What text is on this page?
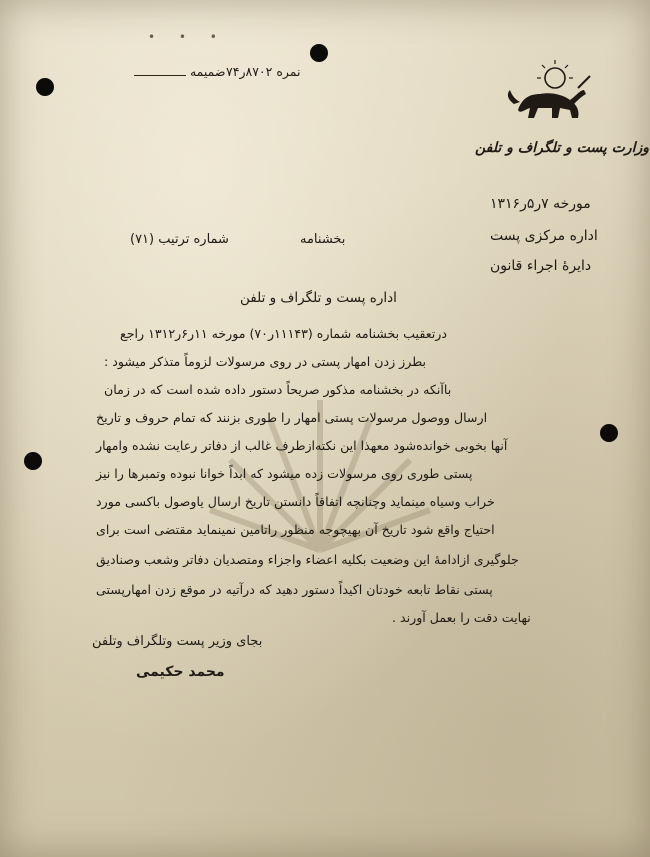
• • •
ضمیمه	نمره ۸۷۰۲ر۷۴
وزارت پست و تلگراف و تلفن
مورخه ۷ر۵ر۱۳۱۶
اداره مرکزی پست
دایرهٔ اجراء قانون
بخشنامه
شماره ترتیب (۷۱)
اداره پست و تلگراف و تلفن
درتعقیب بخشنامه شماره (۱۱۱۴۳ر۷۰) مورخه ۱۱ر۶ر۱۳۱۲ راجع
بطرز زدن امهار پستی در روی مرسولات لزوماً متذکر میشود :
باآنکه در بخشنامه مذکور صریحاً دستور داده شده است که در زمان
ارسال ووصول مرسولات پستی امهار را طوری بزنند که تمام حروف و تاریخ
آنها بخوبی خوانده‌شود معهذا این نکته‌ازطرف غالب از دفاتر رعایت نشده وامهار
پستی طوری روی مرسولات زده میشود که ابداً خوانا نبوده وتمبرها را نیز
خراب وسیاه مینماید وچنانچه اتفاقاً دانستن تاریخ ارسال یاوصول باکسی مورد
احتیاج واقع شود تاریخ آن بهیچوجه منظور راتامین نمینماید مقتضی است برای
جلوگیری ازادامهٔ این وضعیت بکلیه اعضاء واجزاء ومتصدیان دفاتر وشعب وصنادیق
پستی نقاط تابعه خودتان اکیداً دستور دهید که درآتیه در موقع زدن امهارپستی
نهایت دقت را بعمل آورند .
بجای وزیر پست وتلگراف وتلفن
محمد حکیمی
